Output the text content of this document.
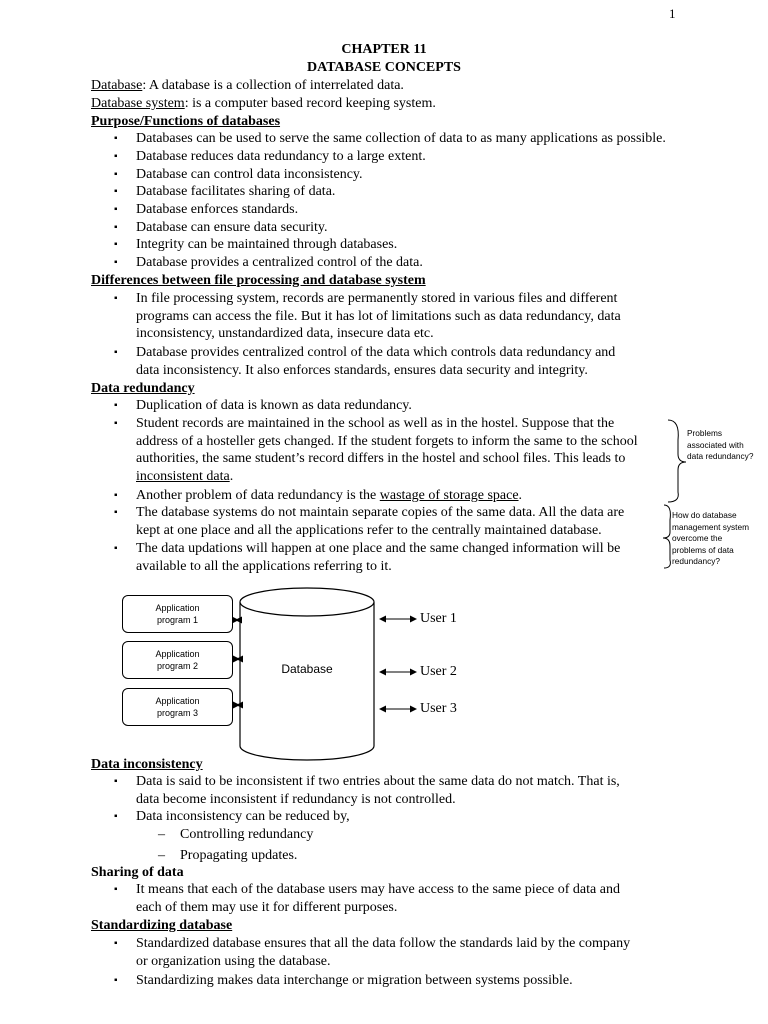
1
CHAPTER 11
DATABASE CONCEPTS
Database: A database is a collection of interrelated data.
Database system: is a computer based record keeping system.
Purpose/Functions of databases
▪ Databases can be used to serve the same collection of data to as many applications as possible.
▪ Database reduces data redundancy to a large extent.
▪ Database can control data inconsistency.
▪ Database facilitates sharing of data.
▪ Database enforces standards.
▪ Database can ensure data security.
▪ Integrity can be maintained through databases.
▪ Database provides a centralized control of the data.
Differences between file processing and database system
▪ In file processing system, records are permanently stored in various files and different
programs can access the file. But it has lot of limitations such as data redundancy, data
inconsistency, unstandardized data, insecure data etc.
▪ Database provides centralized control of the data which controls data redundancy and
data inconsistency. It also enforces standards, ensures data security and integrity.
Data redundancy
▪ Duplication of data is known as data redundancy.
▪ Student records are maintained in the school as well as in the hostel. Suppose that the
address of a hosteller gets changed. If the student forgets to inform the same to the school
authorities, the same student’s record differs in the hostel and school files. This leads to
inconsistent data.
▪ Another problem of data redundancy is the wastage of storage space.
▪ The database systems do not maintain separate copies of the same data. All the data are
kept at one place and all the applications refer to the centrally maintained database.
▪ The data updations will happen at one place and the same changed information will be
available to all the applications referring to it.
Problems
associated with
data redundancy?
How do database
management system
overcome the
problems of data
redundancy?
Application
program 1
Application
program 2
Application
program 3
Database
User 1
User 2
User 3
Data inconsistency
▪ Data is said to be inconsistent if two entries about the same data do not match. That is,
data become inconsistent if redundancy is not controlled.
▪ Data inconsistency can be reduced by,
– Controlling redundancy
– Propagating updates.
Sharing of data
▪ It means that each of the database users may have access to the same piece of data and
each of them may use it for different purposes.
Standardizing database
▪ Standardized database ensures that all the data follow the standards laid by the company
or organization using the database.
▪ Standardizing makes data interchange or migration between systems possible.
